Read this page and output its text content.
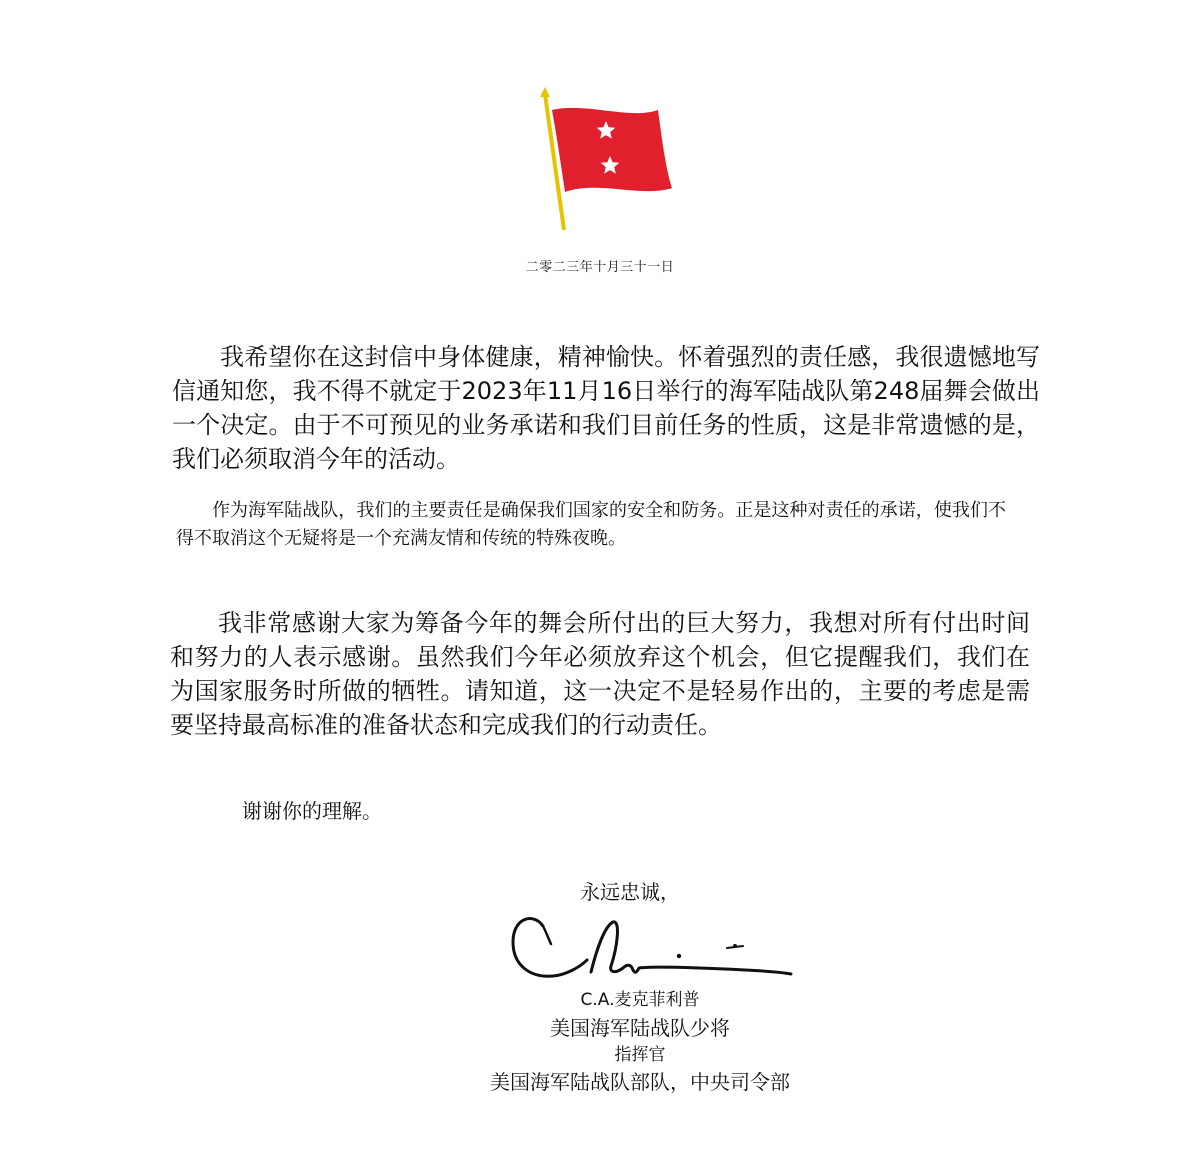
二零二三年十月三十一日

我希望你在这封信中身体健康，精神愉快。怀着强烈的责任感，我很遗憾地写信通知您，我不得不就定于2023年11月16日举行的海军陆战队第248届舞会做出一个决定。由于不可预见的业务承诺和我们目前任务的性质，这是非常遗憾的是，我们必须取消今年的活动。

作为海军陆战队，我们的主要责任是确保我们国家的安全和防务。正是这种对责任的承诺，使我们不得不取消这个无疑将是一个充满友情和传统的特殊夜晚。

我非常感谢大家为筹备今年的舞会所付出的巨大努力，我想对所有付出时间和努力的人表示感谢。虽然我们今年必须放弃这个机会，但它提醒我们，我们在为国家服务时所做的牺牲。请知道，这一决定不是轻易作出的，主要的考虑是需要坚持最高标准的准备状态和完成我们的行动责任。

谢谢你的理解。
永远忠诚，
C.A.麦克菲利普
美国海军陆战队少将
指挥官
美国海军陆战队部队，中央司令部
